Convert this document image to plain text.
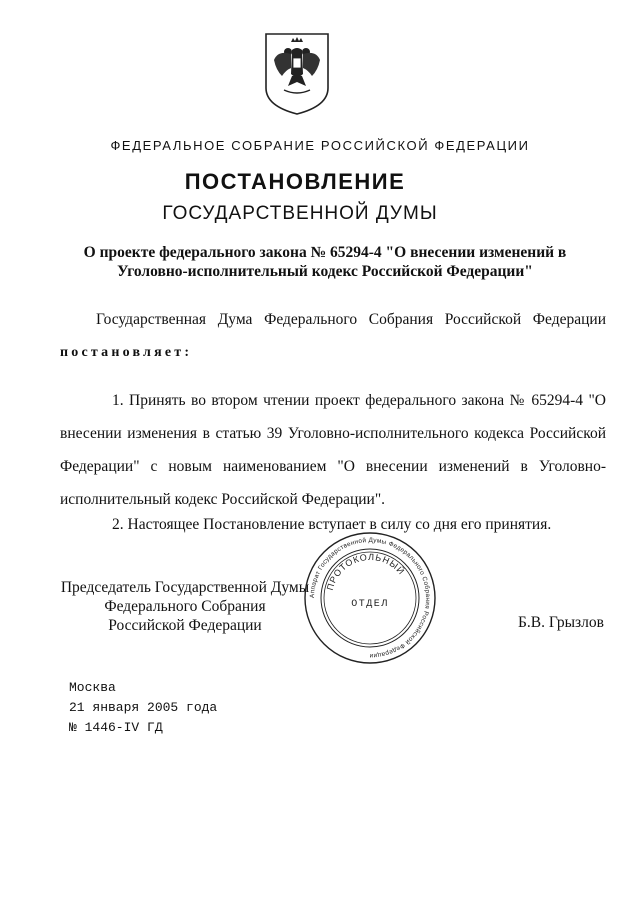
ФЕДЕРАЛЬНОЕ СОБРАНИЕ РОССИЙСКОЙ ФЕДЕРАЦИИ
ПОСТАНОВЛЕНИЕ
ГОСУДАРСТВЕННОЙ ДУМЫ
О проекте федерального закона № 65294-4 "О внесении изменений в
Уголовно-исполнительный кодекс Российской Федерации"
Государственная Дума Федерального Собрания Российской Федерации
постановляет:
1. Принять во втором чтении проект федерального закона № 65294-4 "О внесении изменения в статью 39 Уголовно-исполнительного кодекса Российской Федерации" с новым наименованием "О внесении изменений в Уголовно-исполнительный кодекс Российской Федерации".
2. Настоящее Постановление вступает в силу со дня его принятия.
Председатель Государственной Думы
Федерального Собрания
Российской Федерации
Аппарат Государственной Думы Федерального Собрания Российской Федерации
ПРОТОКОЛЬНЫЙ
ОТДЕЛ
Б.В. Грызлов
Москва
21 января 2005 года
№ 1446-IV ГД
